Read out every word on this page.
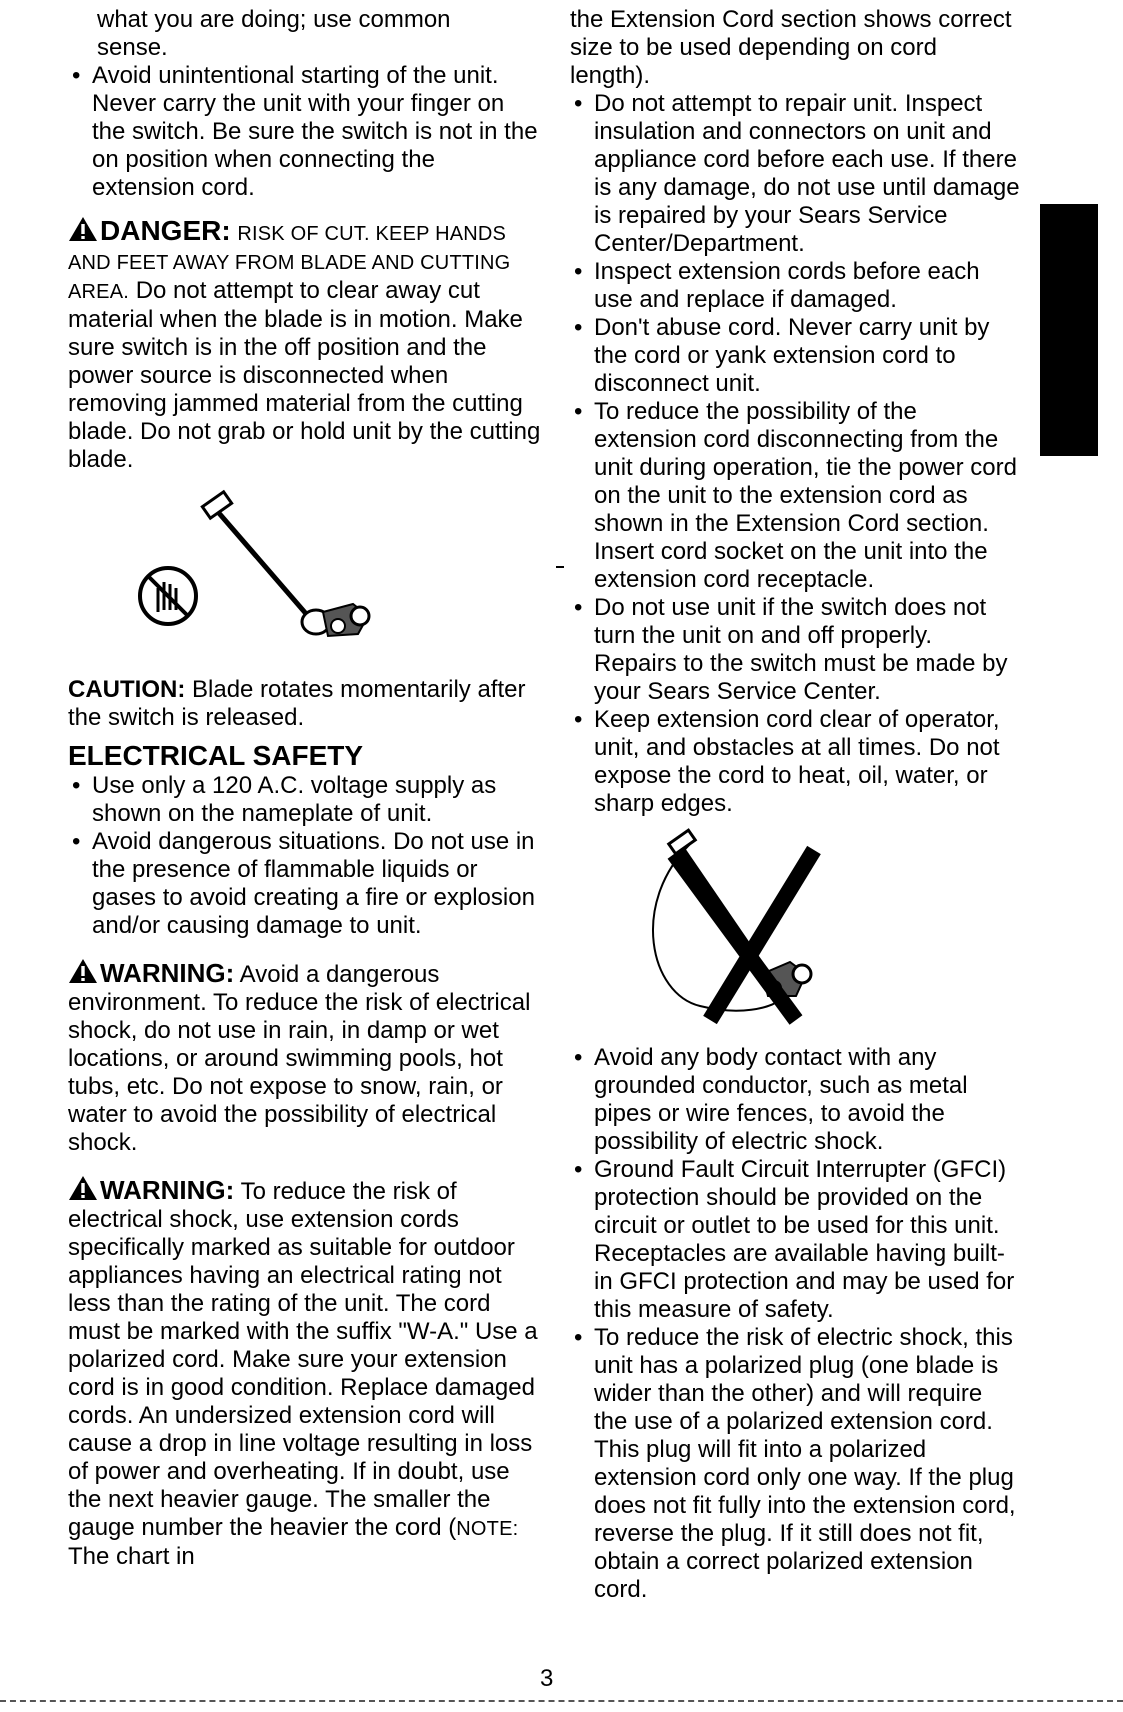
what you are doing; use common

sense.

• Avoid unintentional starting of the unit. Never carry the unit with your finger on the switch. Be sure the switch is not in the on position when connecting the extension cord.
DANGER: RISK OF CUT. KEEP HANDS AND FEET AWAY FROM BLADE AND CUTTING AREA. Do not attempt to clear away cut material when the blade is in motion. Make sure switch is in the off position and the power source is disconnected when removing jammed material from the cutting blade. Do not grab or hold unit by the cutting blade.

CAUTION: Blade rotates momentarily after the switch is released.

ELECTRICAL SAFETY
• Use only a 120 A.C. voltage supply as shown on the nameplate of unit.
• Avoid dangerous situations. Do not use in the presence of flammable liquids or gases to avoid creating a fire or explosion and/or causing damage to unit.
WARNING: Avoid a dangerous environment. To reduce the risk of electrical shock, do not use in rain, in damp or wet locations, or around swimming pools, hot tubs, etc. Do not expose to snow, rain, or water to avoid the possibility of electrical shock.
WARNING: To reduce the risk of electrical shock, use extension cords specifically marked as suitable for outdoor appliances having an electrical rating not less than the rating of the unit. The cord must be marked with the suffix "W-A." Use a polarized cord. Make sure your extension cord is in good condition. Replace damaged cords. An undersized extension cord will cause a drop in line voltage resulting in loss of power and overheating. If in doubt, use the next heavier gauge. The smaller the gauge number the heavier the cord (NOTE: The chart in

the Extension Cord section shows correct size to be used depending on cord length).

• Do not attempt to repair unit. Inspect insulation and connectors on unit and appliance cord before each use. If there is any damage, do not use until damage is repaired by your Sears Service Center/Department.
• Inspect extension cords before each use and replace if damaged.
• Don't abuse cord. Never carry unit by the cord or yank extension cord to disconnect unit.
• To reduce the possibility of the extension cord disconnecting from the unit during operation, tie the power cord on the unit to the extension cord as shown in the Extension Cord section. Insert cord socket on the unit into the extension cord receptacle.
• Do not use unit if the switch does not turn the unit on and off properly. Repairs to the switch must be made by your Sears Service Center.
• Keep extension cord clear of operator, unit, and obstacles at all times. Do not expose the cord to heat, oil, water, or sharp edges.
• Avoid any body contact with any grounded conductor, such as metal pipes or wire fences, to avoid the possibility of electric shock.
• Ground Fault Circuit Interrupter (GFCI) protection should be provided on the circuit or outlet to be used for this unit. Receptacles are available having built-in GFCI protection and may be used for this measure of safety.
• To reduce the risk of electric shock, this unit has a polarized plug (one blade is wider than the other) and will require the use of a polarized extension cord. This plug will fit into a polarized extension cord only one way. If the plug does not fit fully into the extension cord, reverse the plug. If it still does not fit, obtain a correct polarized extension cord.
3
